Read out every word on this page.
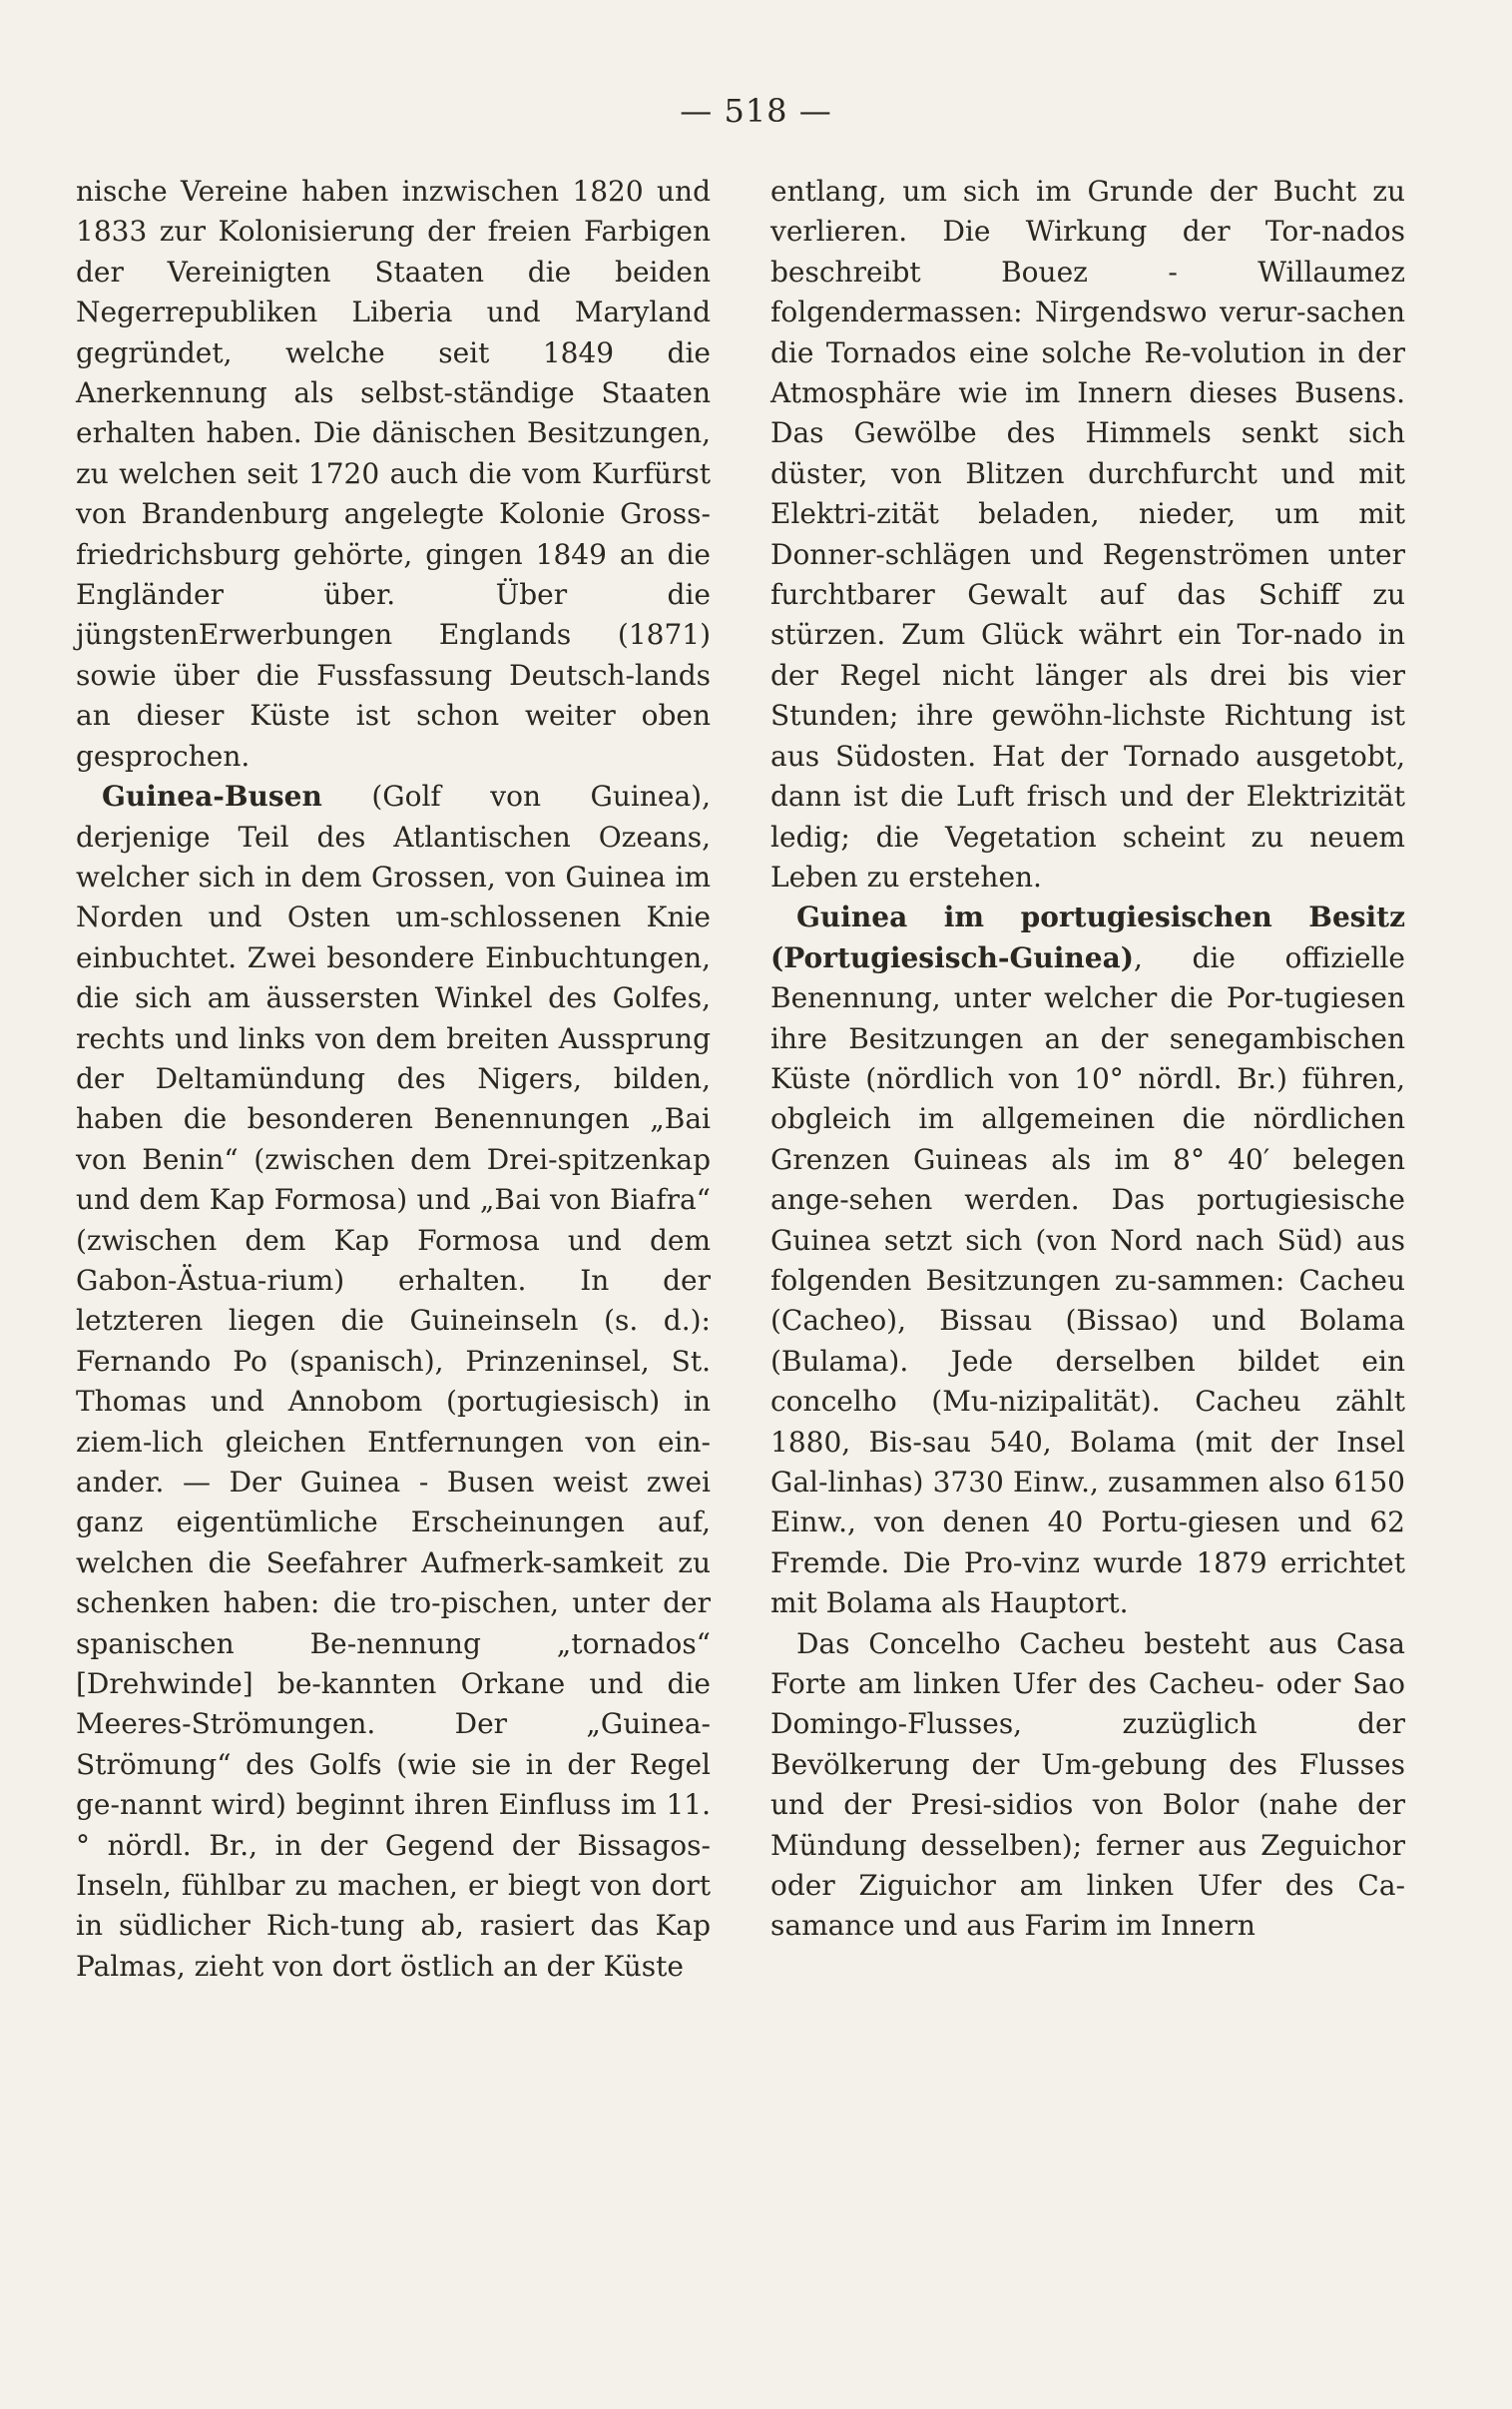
— 518 —

nische Vereine haben inzwischen 1820 und 1833 zur Kolonisierung der freien Farbigen der Vereinigten Staaten die beiden Negerrepubliken Liberia und Maryland gegründet, welche seit 1849 die Anerkennung als selbst-ständige Staaten erhalten haben. Die dänischen Besitzungen, zu welchen seit 1720 auch die vom Kurfürst von Brandenburg angelegte Kolonie Gross-friedrichsburg gehörte, gingen 1849 an die Engländer über. Über die jüngstenErwerbungen Englands (1871) sowie über die Fussfassung Deutsch-lands an dieser Küste ist schon weiter oben gesprochen.

Guinea-Busen (Golf von Guinea), derjenige Teil des Atlantischen Ozeans, welcher sich in dem Grossen, von Guinea im Norden und Osten um-schlossenen Knie einbuchtet. Zwei besondere Einbuchtungen, die sich am äussersten Winkel des Golfes, rechts und links von dem breiten Aussprung der Deltamündung des Nigers, bilden, haben die besonderen Benennungen „Bai von Benin“ (zwischen dem Drei-spitzenkap und dem Kap Formosa) und „Bai von Biafra“ (zwischen dem Kap Formosa und dem Gabon-Ästua-rium) erhalten. In der letzteren liegen die Guineinseln (s. d.): Fernando Po (spanisch), Prinzeninsel, St. Thomas und Annobom (portugiesisch) in ziem-lich gleichen Entfernungen von ein-ander. — Der Guinea - Busen weist zwei ganz eigentümliche Erscheinungen auf, welchen die Seefahrer Aufmerk-samkeit zu schenken haben: die tro-pischen, unter der spanischen Be-nennung „tornados“ [Drehwinde] be-kannten Orkane und die Meeres-Strömungen. Der „Guinea-Strömung“ des Golfs (wie sie in der Regel ge-nannt wird) beginnt ihren Einfluss im 11.° nördl. Br., in der Gegend der Bissagos-Inseln, fühlbar zu machen, er biegt von dort in südlicher Rich-tung ab, rasiert das Kap Palmas, zieht von dort östlich an der Küste

entlang, um sich im Grunde der Bucht zu verlieren. Die Wirkung der Tor-nados beschreibt Bouez - Willaumez folgendermassen: Nirgendswo verur-sachen die Tornados eine solche Re-volution in der Atmosphäre wie im Innern dieses Busens. Das Gewölbe des Himmels senkt sich düster, von Blitzen durchfurcht und mit Elektri-zität beladen, nieder, um mit Donner-schlägen und Regenströmen unter furchtbarer Gewalt auf das Schiff zu stürzen. Zum Glück währt ein Tor-nado in der Regel nicht länger als drei bis vier Stunden; ihre gewöhn-lichste Richtung ist aus Südosten. Hat der Tornado ausgetobt, dann ist die Luft frisch und der Elektrizität ledig; die Vegetation scheint zu neuem Leben zu erstehen.

Guinea im portugiesischen Besitz (Portugiesisch-Guinea), die offizielle Benennung, unter welcher die Por-tugiesen ihre Besitzungen an der senegambischen Küste (nördlich von 10° nördl. Br.) führen, obgleich im allgemeinen die nördlichen Grenzen Guineas als im 8° 40′ belegen ange-sehen werden. Das portugiesische Guinea setzt sich (von Nord nach Süd) aus folgenden Besitzungen zu-sammen: Cacheu (Cacheo), Bissau (Bissao) und Bolama (Bulama). Jede derselben bildet ein concelho (Mu-nizipalität). Cacheu zählt 1880, Bis-sau 540, Bolama (mit der Insel Gal-linhas) 3730 Einw., zusammen also 6150 Einw., von denen 40 Portu-giesen und 62 Fremde. Die Pro-vinz wurde 1879 errichtet mit Bolama als Hauptort.

Das Concelho Cacheu besteht aus Casa Forte am linken Ufer des Cacheu- oder Sao Domingo-Flusses, zuzüglich der Bevölkerung der Um-gebung des Flusses und der Presi-sidios von Bolor (nahe der Mündung desselben); ferner aus Zeguichor oder Ziguichor am linken Ufer des Ca-samance und aus Farim im Innern
